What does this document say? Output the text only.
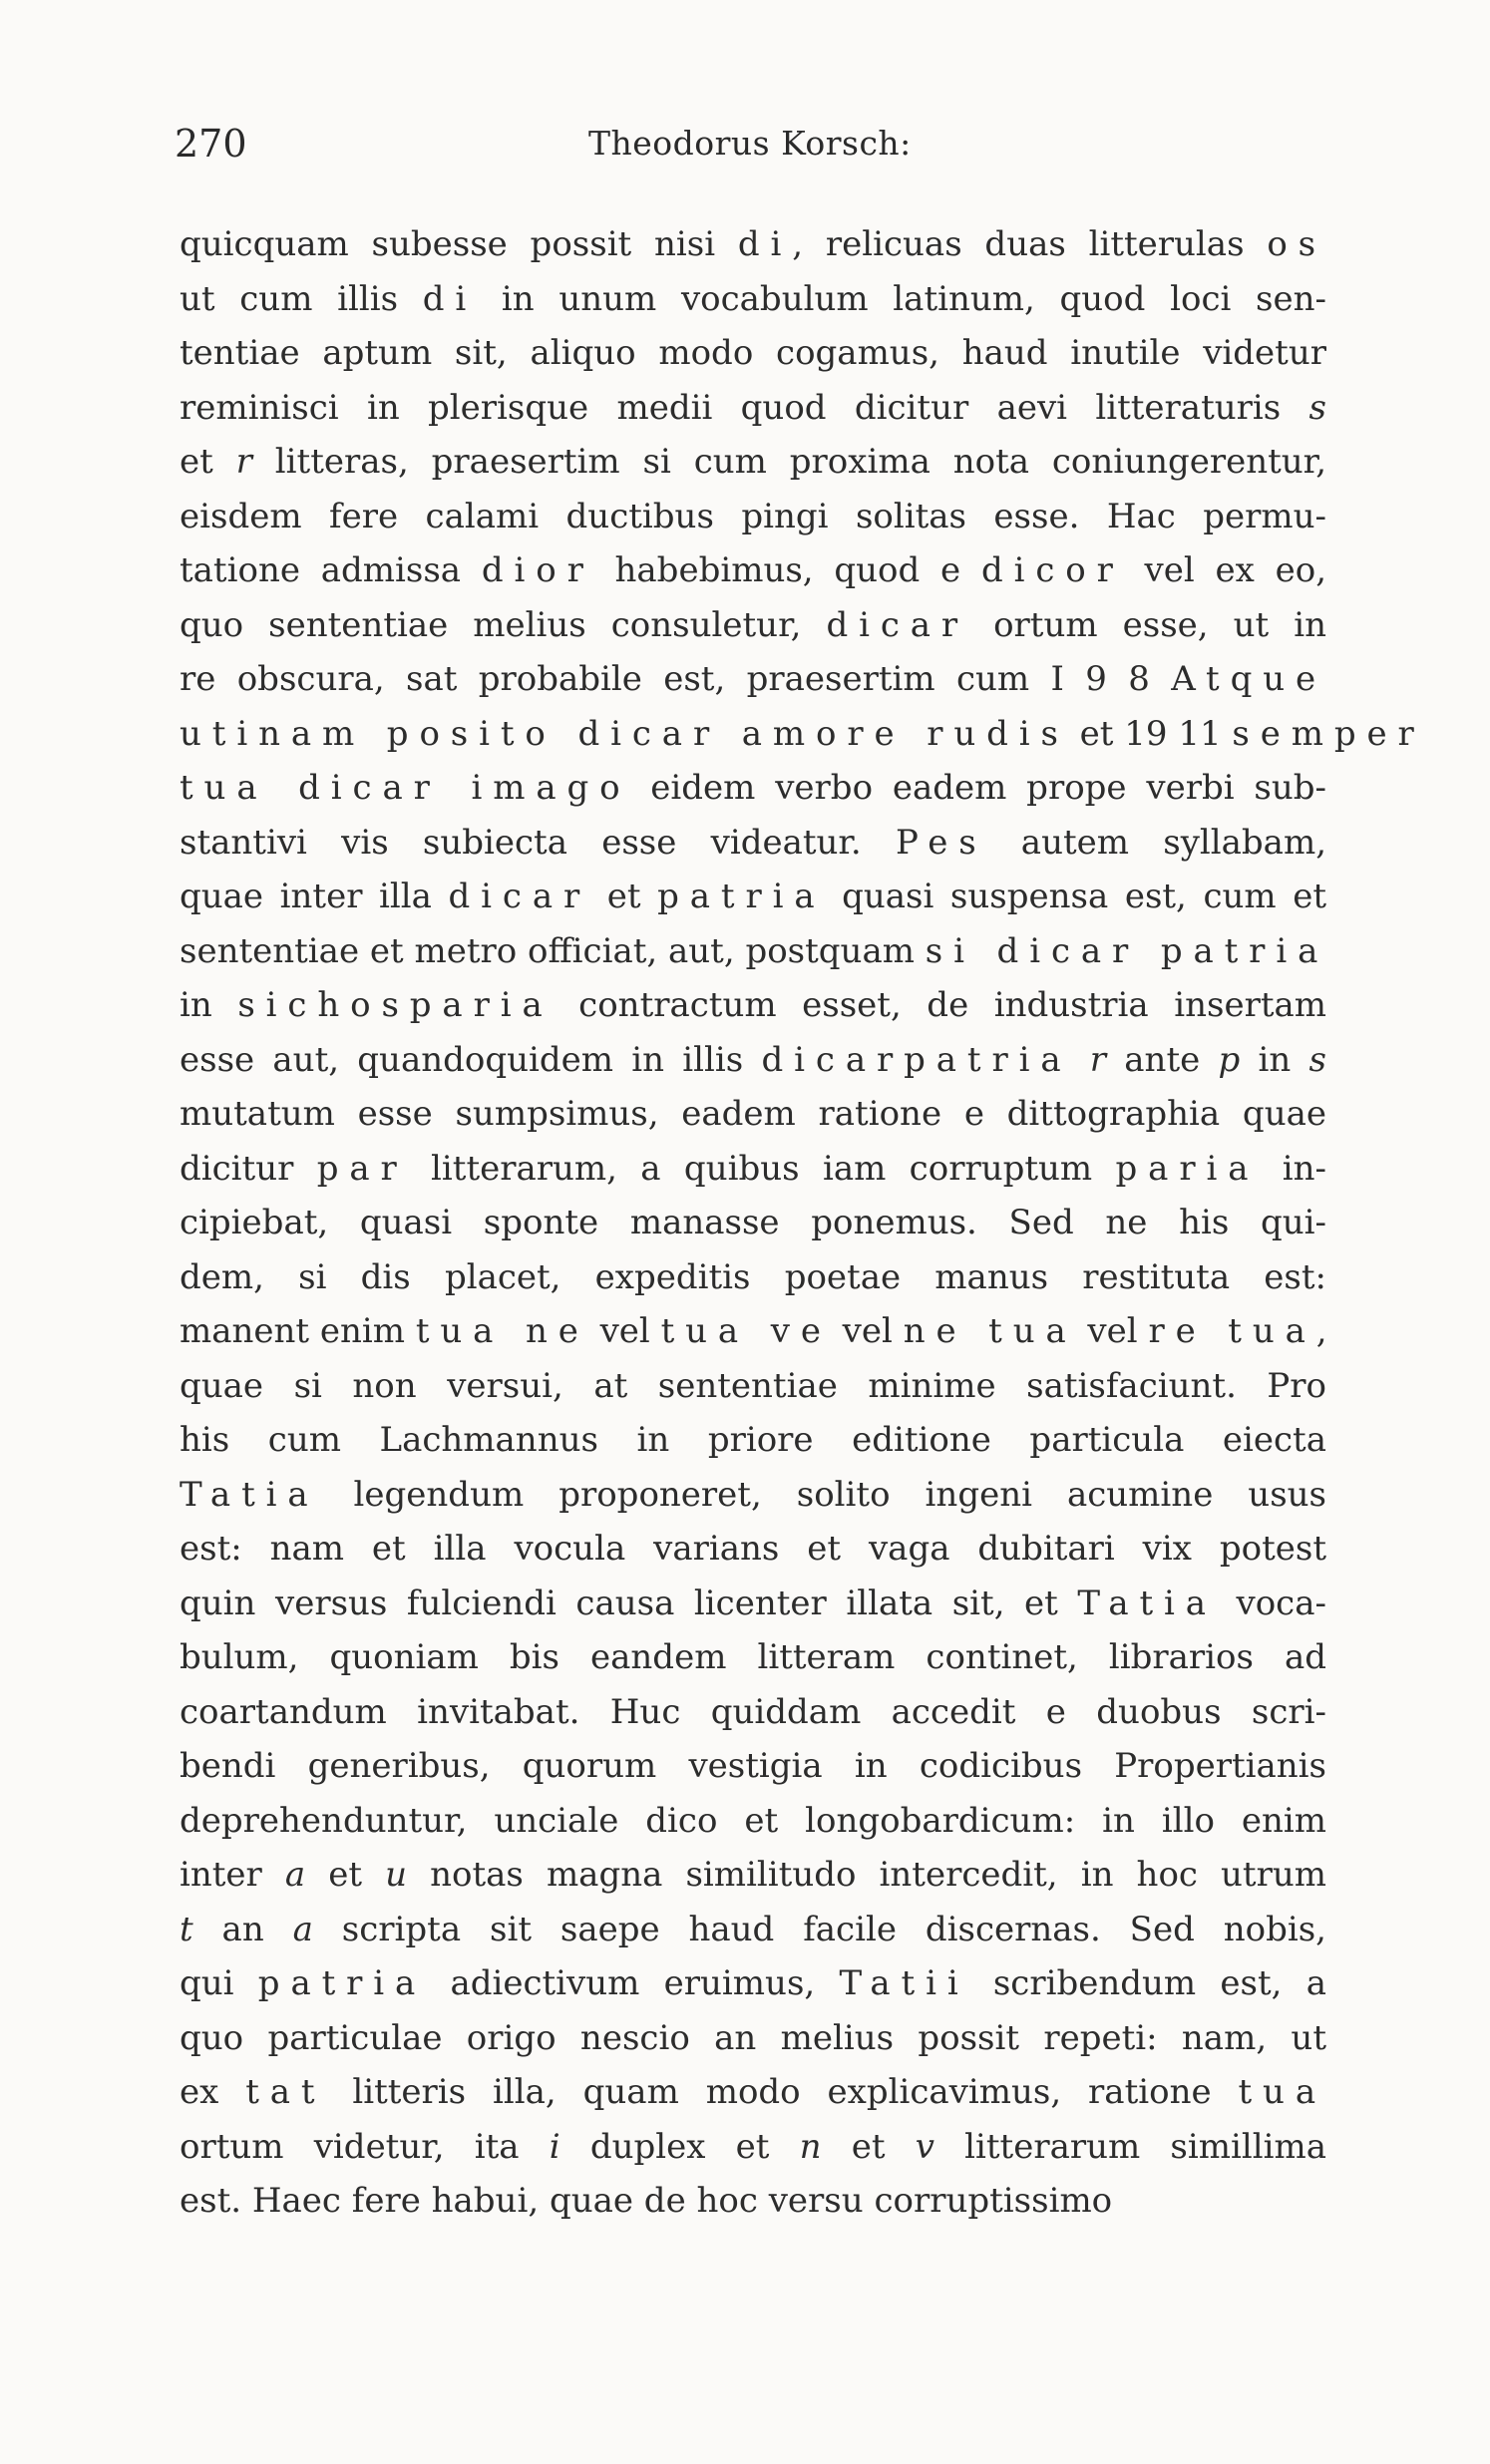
270	Theodorus Korsch:
quicquam subesse possit nisi di, relicuas duas litterulas os
ut cum illis di in unum vocabulum latinum, quod loci sen-
tentiae aptum sit, aliquo modo cogamus, haud inutile videtur
reminisci in plerisque medii quod dicitur aevi litteraturis s
et r litteras, praesertim si cum proxima nota coniungerentur,
eisdem fere calami ductibus pingi solitas esse. Hac permu-
tatione admissa dior habebimus, quod e dicor vel ex eo,
quo sententiae melius consuletur, dicar ortum esse, ut in
re obscura, sat probabile est, praesertim cum I 9 8 Atque
utinam posito dicar amore rudis et 19 11 semper
tua dicar imago eidem verbo eadem prope verbi sub-
stantivi vis subiecta esse videatur. Pes autem syllabam,
quae inter illa dicar et patria quasi suspensa est, cum et
sententiae et metro officiat, aut, postquam si dicar patria
in sichosparia contractum esset, de industria insertam
esse aut, quandoquidem in illis dicarpatria r ante p in s
mutatum esse sumpsimus, eadem ratione e dittographia quae
dicitur par litterarum, a quibus iam corruptum paria in-
cipiebat, quasi sponte manasse ponemus. Sed ne his qui-
dem, si dis placet, expeditis poetae manus restituta est:
manent enim tua ne vel tua ve vel ne tua vel re tua,
quae si non versui, at sententiae minime satisfaciunt. Pro
his cum Lachmannus in priore editione particula eiecta
Tatia legendum proponeret, solito ingeni acumine usus
est: nam et illa vocula varians et vaga dubitari vix potest
quin versus fulciendi causa licenter illata sit, et Tatia voca-
bulum, quoniam bis eandem litteram continet, librarios ad
coartandum invitabat. Huc quiddam accedit e duobus scri-
bendi generibus, quorum vestigia in codicibus Propertianis
deprehenduntur, unciale dico et longobardicum: in illo enim
inter a et u notas magna similitudo intercedit, in hoc utrum
t an a scripta sit saepe haud facile discernas. Sed nobis,
qui patria adiectivum eruimus, Tatii scribendum est, a
quo particulae origo nescio an melius possit repeti: nam, ut
ex tat litteris illa, quam modo explicavimus, ratione tua
ortum videtur, ita i duplex et n et v litterarum simillima
est. Haec fere habui, quae de hoc versu corruptissimo
